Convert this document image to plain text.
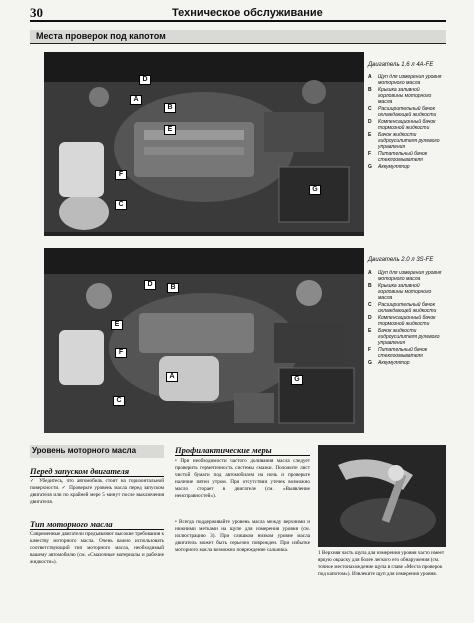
30	Техническое обслуживание
Места проверок под капотом
D
A
B
E
F
C
G
Двигатель 1.6 л 4A-FE
A	Щуп для измерения уровня моторного масла
B	Крышка заливной горловины моторного масла
C	Расширительный бачок охлаждающей жидкости
D	Компенсационный бачок тормозной жидкости
E	Бачок жидкости гидроусилителя рулевого управления
F	Питательный бачок стеклоомывателя
G	Аккумулятор
D	B
E
F
A
C
G
Двигатель 2.0 л 3S-FE
A	Щуп для измерения уровня моторного масла
B	Крышка заливной горловины моторного масла
C	Расширительный бачок охлаждающей жидкости
D	Компенсационный бачок тормозной жидкости
E	Бачок жидкости гидроусилителя рулевого управления
F	Питательный бачок стеклоомывателя
G	Аккумулятор
Уровень моторного масла
Перед запуском двигателя
✓ Убедитесь, что автомобиль стоит на горизонтальной поверхности. ✓ Проверьте уровень масла перед запуском двигателя или по крайней мере 5 минут после выключения двигателя.
Тип моторного масла
Современные двигатели предъявляют высокие требования к качеству моторного масла. Очень важно использовать соответствующий тип моторного масла, необходимый вашему автомобилю (см. «Смазочные материалы и рабочие жидкости»).
Профилактические меры
• При необходимости частого доливания масла следует проверить герметичность системы смазки. Положите лист чистой бумаги под автомобилем на ночь и проверьте наличие пятен утром. При отсутствии утечек возможно масло сгорает в двигателе (см. «Выявление неисправностей»).
• Всегда поддерживайте уровень масла между верхними и нижними метками на щупе для измерения уровня (см. иллюстрацию 3). При слишком низком уровне масла двигатель может быть серьезно поврежден. При избытке моторного масла возможно повреждение сальника.	1 Верхняя часть щупа для измерения уровня часто имеет яркую окраску для более легкого его обнаружения (см. точное местонахождение щупа в главе «Места проверок под капотом»). Извлеките щуп для измерения уровня.
